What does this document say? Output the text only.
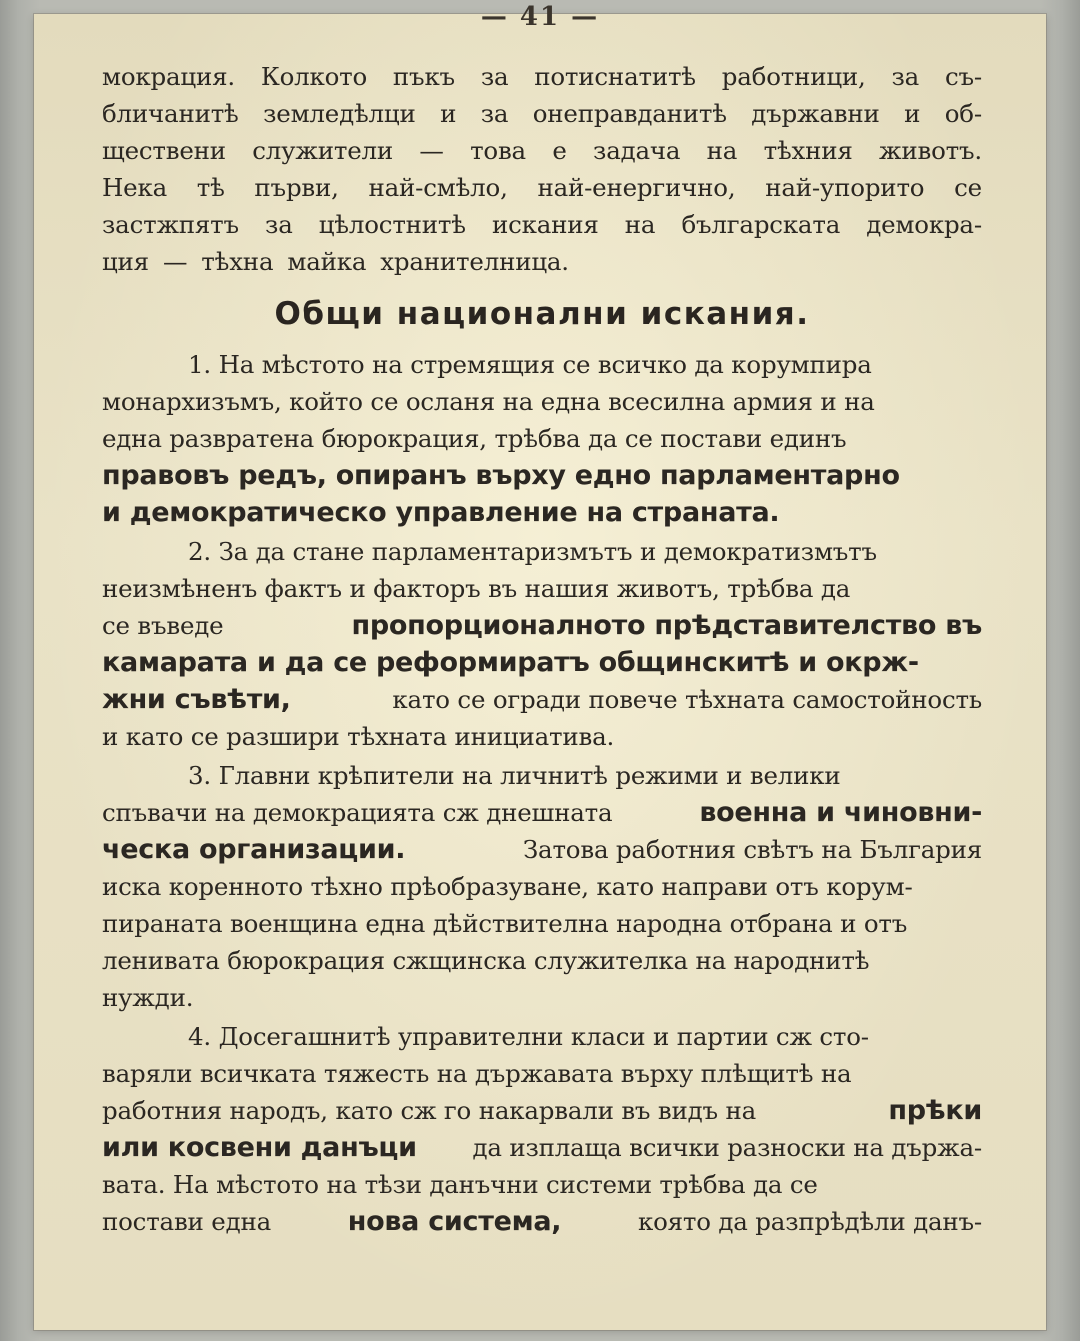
— 41 —
мокрация. Колкото пъкъ за потиснатитѣ работници, за съ-
бличанитѣ земледѣлци и за онеправданитѣ държавни и об-
ществени служители — това е задача на тѣхния животъ.
Нека тѣ първи, най-смѣло, най-енергично, най-упорито се
застжпятъ за цѣлостнитѣ искания на българската демокра-
ция — тѣхна майка хранителница.
Общи национални искания.
1. На мѣстото на стремящия се всичко да корумпира
монархизъмъ, който се осланя на една всесилна армия и на
една развратена бюрокрация, трѣбва да се постави единъ
правовъ редъ, опиранъ върху едно парламентарно
и демократическо управление на страната.
2. За да стане парламентаризмътъ и демократизмътъ
неизмѣненъ фактъ и факторъ въ нашия животъ, трѣбва да
се въведе	пропорционалното прѣдставителство въ
камарата и да се реформиратъ общинскитѣ и окрж-
жни съвѣти,	като се огради повече тѣхната самостойность
и като се разшири тѣхната инициатива.
3. Главни крѣпители на личнитѣ режими и велики
спъвачи на демокрацията сж днешната	военна и чиновни-
ческа организации.	Затова работния свѣтъ на България
иска коренното тѣхно прѣобразуване, като направи отъ корум-
пираната военщина една дѣйствителна народна отбрана и отъ
ленивата бюрокрация сжщинска служителка на народнитѣ
нужди.
4. Досегашнитѣ управителни класи и партии сж сто-
варяли всичката тяжесть на държавата върху плѣщитѣ на
работния народъ, като сж го накарвали въ видъ на	прѣки
или косвени данъци да изплаща всички разноски на държа-
вата. На мѣстото на тѣзи данъчни системи трѣбва да се
постави една	нова система,	която да разпрѣдѣли данъ-
